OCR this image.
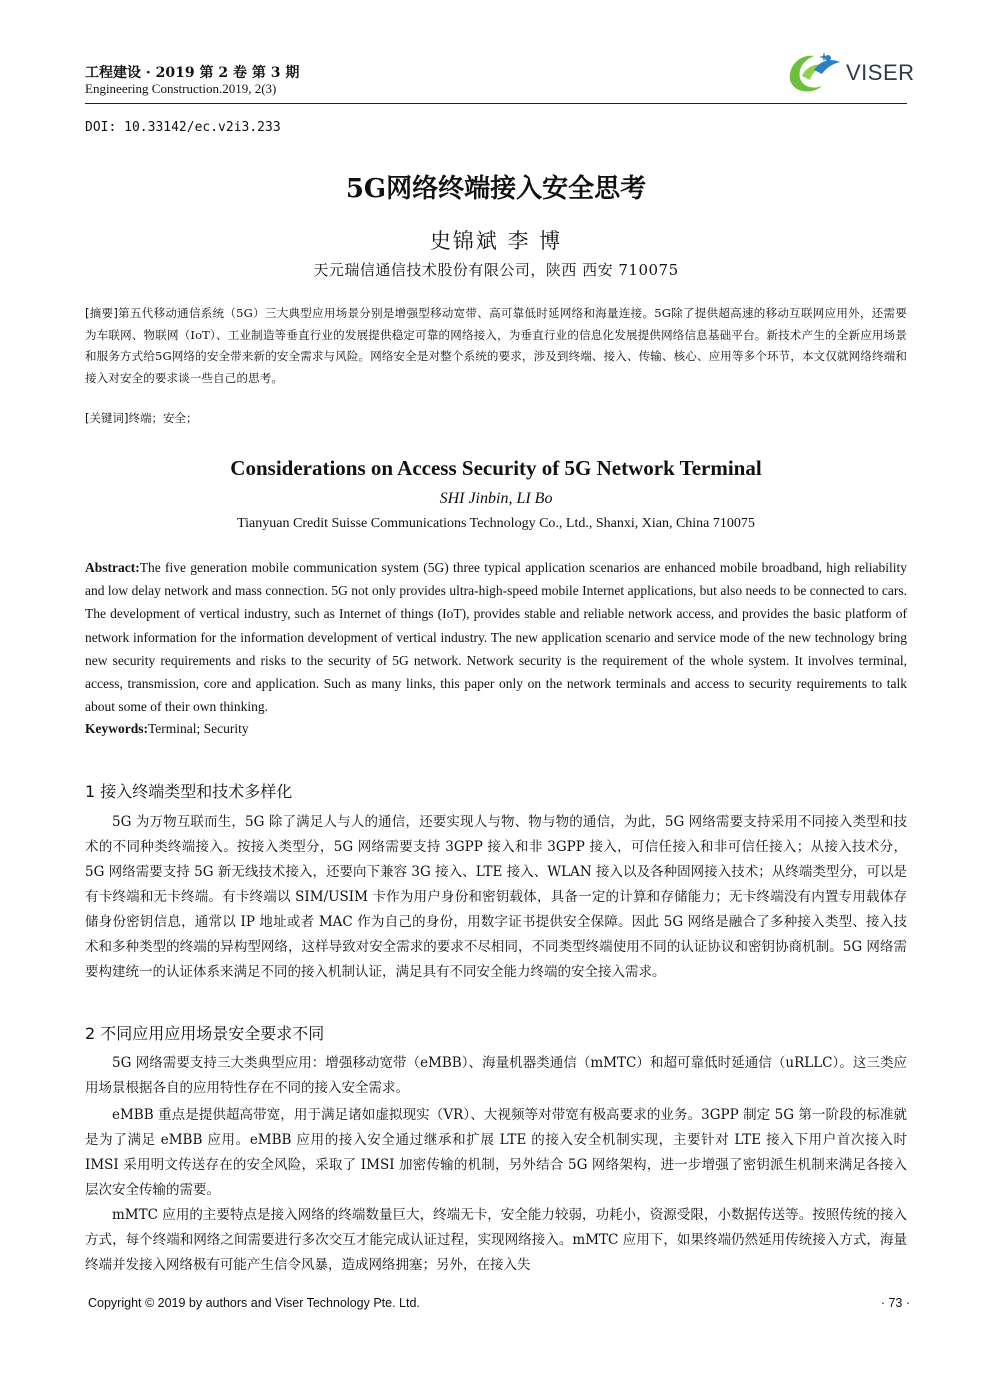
工程建设 · 2019 第 2 卷 第 3 期
Engineering Construction.2019, 2(3)
VISER
DOI: 10.33142/ec.v2i3.233
5G网络终端接入安全思考
史锦斌 李 博
天元瑞信通信技术股份有限公司，陕西 西安 710075
[摘要]第五代移动通信系统（5G）三大典型应用场景分别是增强型移动宽带、高可靠低时延网络和海量连接。5G除了提供超高速的移动互联网应用外，还需要为车联网、物联网（IoT）、工业制造等垂直行业的发展提供稳定可靠的网络接入，为垂直行业的信息化发展提供网络信息基础平台。新技术产生的全新应用场景和服务方式给5G网络的安全带来新的安全需求与风险。网络安全是对整个系统的要求，涉及到终端、接入、传输、核心、应用等多个环节，本文仅就网络终端和接入对安全的要求谈一些自己的思考。
[关键词]终端；安全；
Considerations on Access Security of 5G Network Terminal
SHI Jinbin, LI Bo
Tianyuan Credit Suisse Communications Technology Co., Ltd., Shanxi, Xian, China 710075
Abstract:The five generation mobile communication system (5G) three typical application scenarios are enhanced mobile broadband, high reliability and low delay network and mass connection. 5G not only provides ultra-high-speed mobile Internet applications, but also needs to be connected to cars. The development of vertical industry, such as Internet of things (IoT), provides stable and reliable network access, and provides the basic platform of network information for the information development of vertical industry. The new application scenario and service mode of the new technology bring new security requirements and risks to the security of 5G network. Network security is the requirement of the whole system. It involves terminal, access, transmission, core and application. Such as many links, this paper only on the network terminals and access to security requirements to talk about some of their own thinking.
Keywords:Terminal; Security
1 接入终端类型和技术多样化
5G 为万物互联而生，5G 除了满足人与人的通信，还要实现人与物、物与物的通信，为此，5G 网络需要支持采用不同接入类型和技术的不同种类终端接入。按接入类型分，5G 网络需要支持 3GPP 接入和非 3GPP 接入，可信任接入和非可信任接入；从接入技术分，5G 网络需要支持 5G 新无线技术接入，还要向下兼容 3G 接入、LTE 接入、WLAN 接入以及各种固网接入技术；从终端类型分，可以是有卡终端和无卡终端。有卡终端以 SIM/USIM 卡作为用户身份和密钥载体，具备一定的计算和存储能力；无卡终端没有内置专用载体存储身份密钥信息，通常以 IP 地址或者 MAC 作为自己的身份，用数字证书提供安全保障。因此 5G 网络是融合了多种接入类型、接入技术和多种类型的终端的异构型网络，这样导致对安全需求的要求不尽相同，不同类型终端使用不同的认证协议和密钥协商机制。5G 网络需要构建统一的认证体系来满足不同的接入机制认证，满足具有不同安全能力终端的安全接入需求。
2 不同应用应用场景安全要求不同
5G 网络需要支持三大类典型应用：增强移动宽带（eMBB）、海量机器类通信（mMTC）和超可靠低时延通信（uRLLC）。这三类应用场景根据各自的应用特性存在不同的接入安全需求。
eMBB 重点是提供超高带宽，用于满足诸如虚拟现实（VR）、大视频等对带宽有极高要求的业务。3GPP 制定 5G 第一阶段的标准就是为了满足 eMBB 应用。eMBB 应用的接入安全通过继承和扩展 LTE 的接入安全机制实现，主要针对 LTE 接入下用户首次接入时 IMSI 采用明文传送存在的安全风险，采取了 IMSI 加密传输的机制，另外结合 5G 网络架构，进一步增强了密钥派生机制来满足各接入层次安全传输的需要。
mMTC 应用的主要特点是接入网络的终端数量巨大，终端无卡，安全能力较弱，功耗小，资源受限，小数据传送等。按照传统的接入方式，每个终端和网络之间需要进行多次交互才能完成认证过程，实现网络接入。mMTC 应用下，如果终端仍然延用传统接入方式，海量终端并发接入网络极有可能产生信令风暴，造成网络拥塞；另外，在接入失
Copyright © 2019 by authors and Viser Technology Pte. Ltd.	· 73 ·
